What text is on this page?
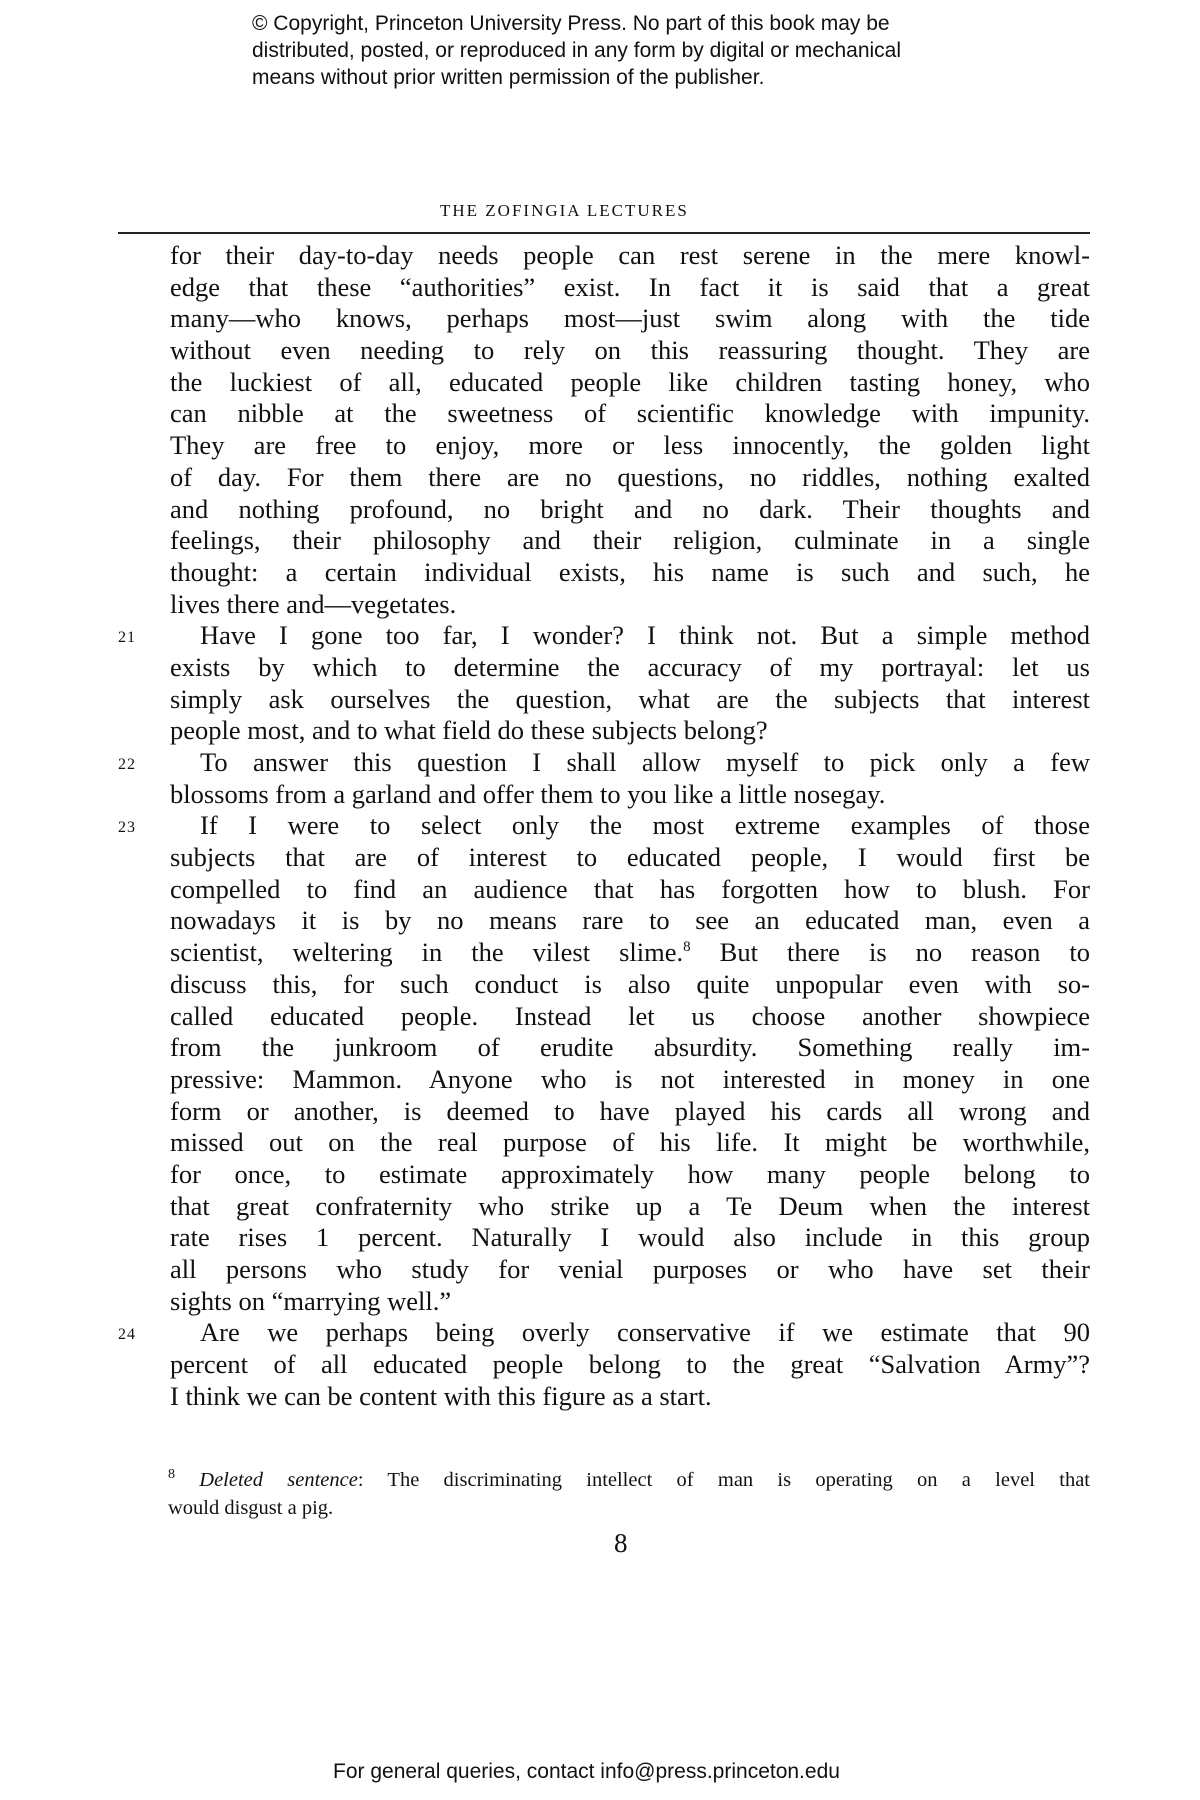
© Copyright, Princeton University Press. No part of this book may be
distributed, posted, or reproduced in any form by digital or mechanical
means without prior written permission of the publisher.
THE ZOFINGIA LECTURES
for their day-to-day needs people can rest serene in the mere knowl-
edge that these “authorities” exist. In fact it is said that a great
many—who knows, perhaps most—just swim along with the tide
without even needing to rely on this reassuring thought. They are
the luckiest of all, educated people like children tasting honey, who
can nibble at the sweetness of scientific knowledge with impunity.
They are free to enjoy, more or less innocently, the golden light
of day. For them there are no questions, no riddles, nothing exalted
and nothing profound, no bright and no dark. Their thoughts and
feelings, their philosophy and their religion, culminate in a single
thought: a certain individual exists, his name is such and such, he
lives there and—vegetates.
21 Have I gone too far, I wonder? I think not. But a simple method
exists by which to determine the accuracy of my portrayal: let us
simply ask ourselves the question, what are the subjects that interest
people most, and to what field do these subjects belong?
22 To answer this question I shall allow myself to pick only a few
blossoms from a garland and offer them to you like a little nosegay.
23 If I were to select only the most extreme examples of those
subjects that are of interest to educated people, I would first be
compelled to find an audience that has forgotten how to blush. For
nowadays it is by no means rare to see an educated man, even a
scientist, weltering in the vilest slime.$^8$ But there is no reason to
discuss this, for such conduct is also quite unpopular even with so-
called educated people. Instead let us choose another showpiece
from the junkroom of erudite absurdity. Something really im-
pressive: Mammon. Anyone who is not interested in money in one
form or another, is deemed to have played his cards all wrong and
missed out on the real purpose of his life. It might be worthwhile,
for once, to estimate approximately how many people belong to
that great confraternity who strike up a Te Deum when the interest
rate rises 1 percent. Naturally I would also include in this group
all persons who study for venial purposes or who have set their
sights on “marrying well.”
24 Are we perhaps being overly conservative if we estimate that 90
percent of all educated people belong to the great “Salvation Army”?
I think we can be content with this figure as a start.
$^8$ Deleted sentence: The discriminating intellect of man is operating on a level that
would disgust a pig.
8
For general queries, contact info@press.princeton.edu
